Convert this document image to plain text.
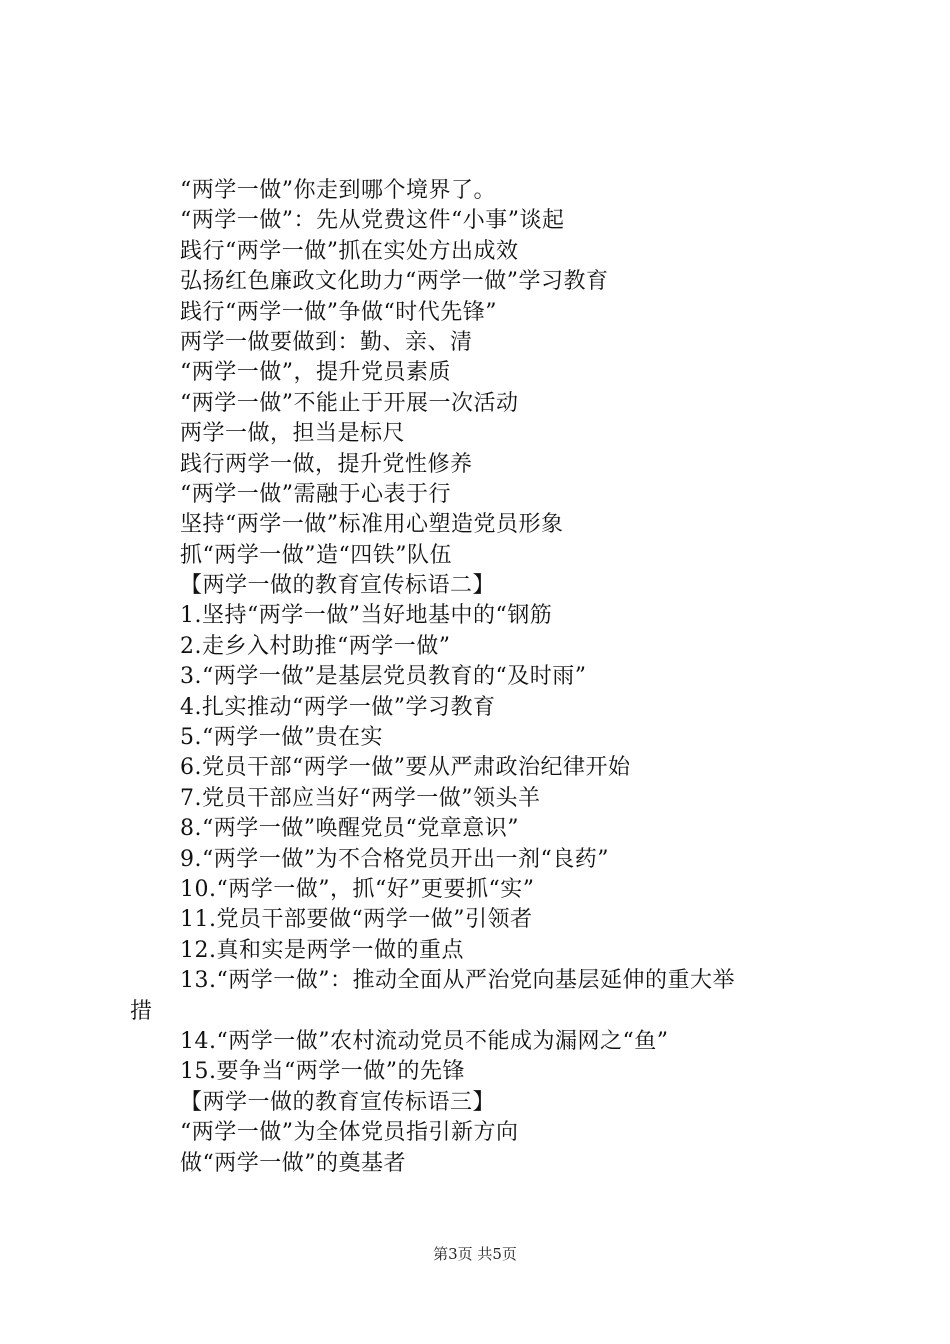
“两学一做”你走到哪个境界了。
“两学一做”：先从党费这件“小事”谈起
践行“两学一做”抓在实处方出成效
弘扬红色廉政文化助力“两学一做”学习教育
践行“两学一做”争做“时代先锋”
两学一做要做到：勤、亲、清
“两学一做”，提升党员素质
“两学一做”不能止于开展一次活动
两学一做，担当是标尺
践行两学一做，提升党性修养
“两学一做”需融于心表于行
坚持“两学一做”标准用心塑造党员形象
抓“两学一做”造“四铁”队伍
【两学一做的教育宣传标语二】
1.坚持“两学一做”当好地基中的“钢筋
2.走乡入村助推“两学一做”
3.“两学一做”是基层党员教育的“及时雨”
4.扎实推动“两学一做”学习教育
5.“两学一做”贵在实
6.党员干部“两学一做”要从严肃政治纪律开始
7.党员干部应当好“两学一做”领头羊
8.“两学一做”唤醒党员“党章意识”
9.“两学一做”为不合格党员开出一剂“良药”
10.“两学一做”，抓“好”更要抓“实”
11.党员干部要做“两学一做”引领者
12.真和实是两学一做的重点
13.“两学一做”：推动全面从严治党向基层延伸的重大举
措
14.“两学一做”农村流动党员不能成为漏网之“鱼”
15.要争当“两学一做”的先锋
【两学一做的教育宣传标语三】
“两学一做”为全体党员指引新方向
做“两学一做”的奠基者
第3页 共5页
